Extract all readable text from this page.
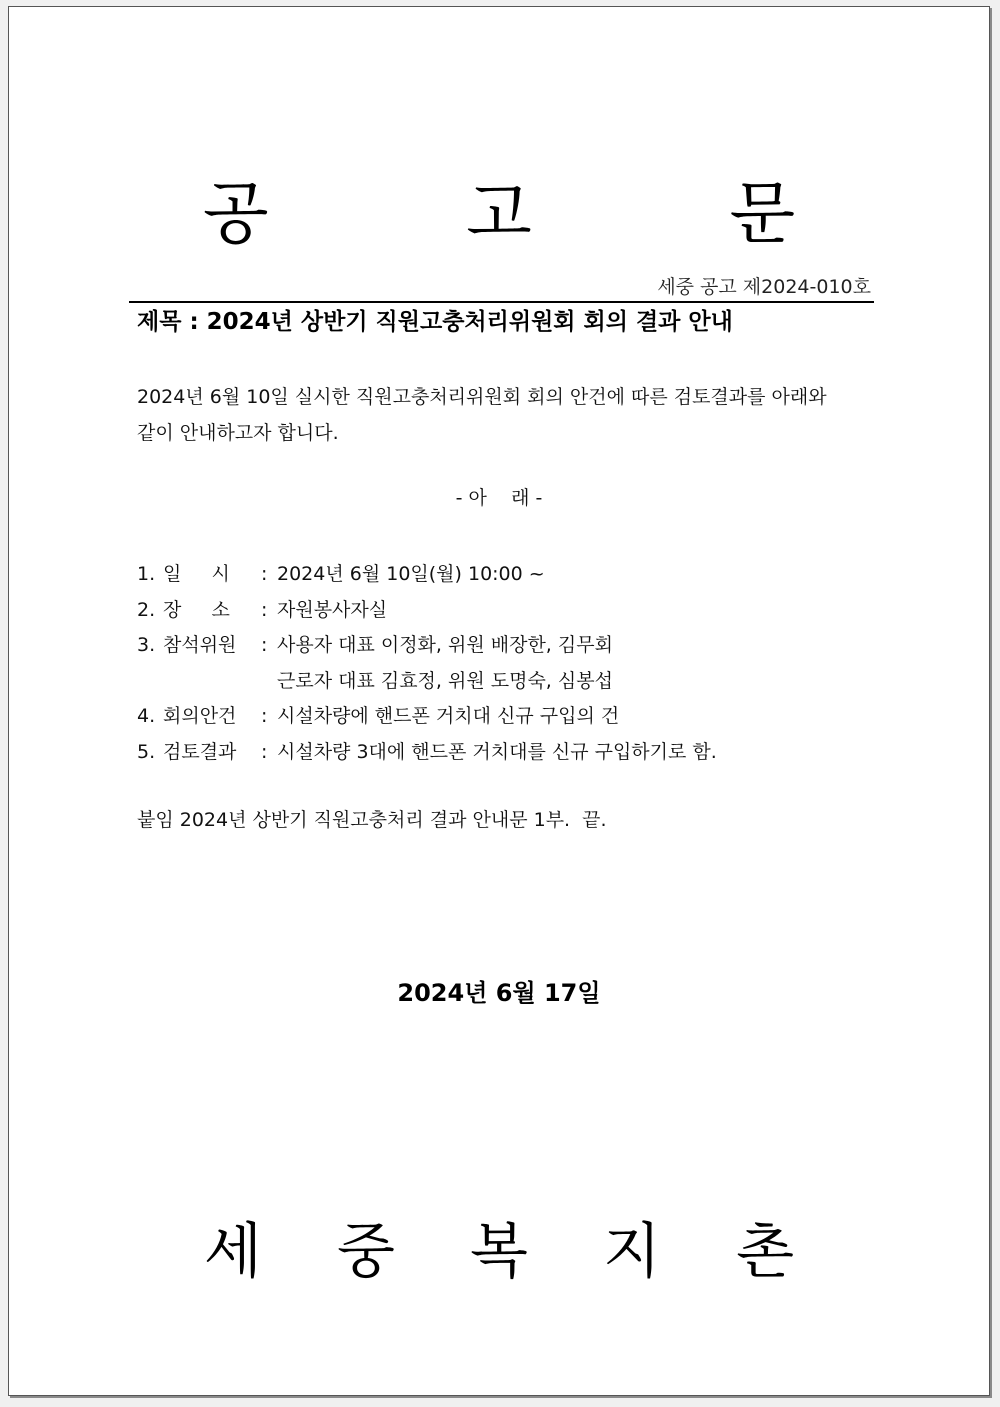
공 고 문
세중 공고 제2024-010호
제목 : 2024년 상반기 직원고충처리위원회 회의 결과 안내

2024년 6월 10일 실시한 직원고충처리위원회 회의 안건에 따른 검토결과를 아래와

같이 안내하고자 합니다.

- 아    래 -
1. 일     시	: 2024년 6월 10일(월) 10:00 ~
2. 장     소	: 자원봉사자실
3. 참석위원	: 사용자 대표 이정화, 위원 배장한, 김무회
근로자 대표 김효정, 위원 도명숙, 심봉섭
4. 회의안건	: 시설차량에 핸드폰 거치대 신규 구입의 건
5. 검토결과	: 시설차량 3대에 핸드폰 거치대를 신규 구입하기로 함.
붙임 2024년 상반기 직원고충처리 결과 안내문 1부.  끝.
2024년 6월 17일
세 중 복 지 촌
